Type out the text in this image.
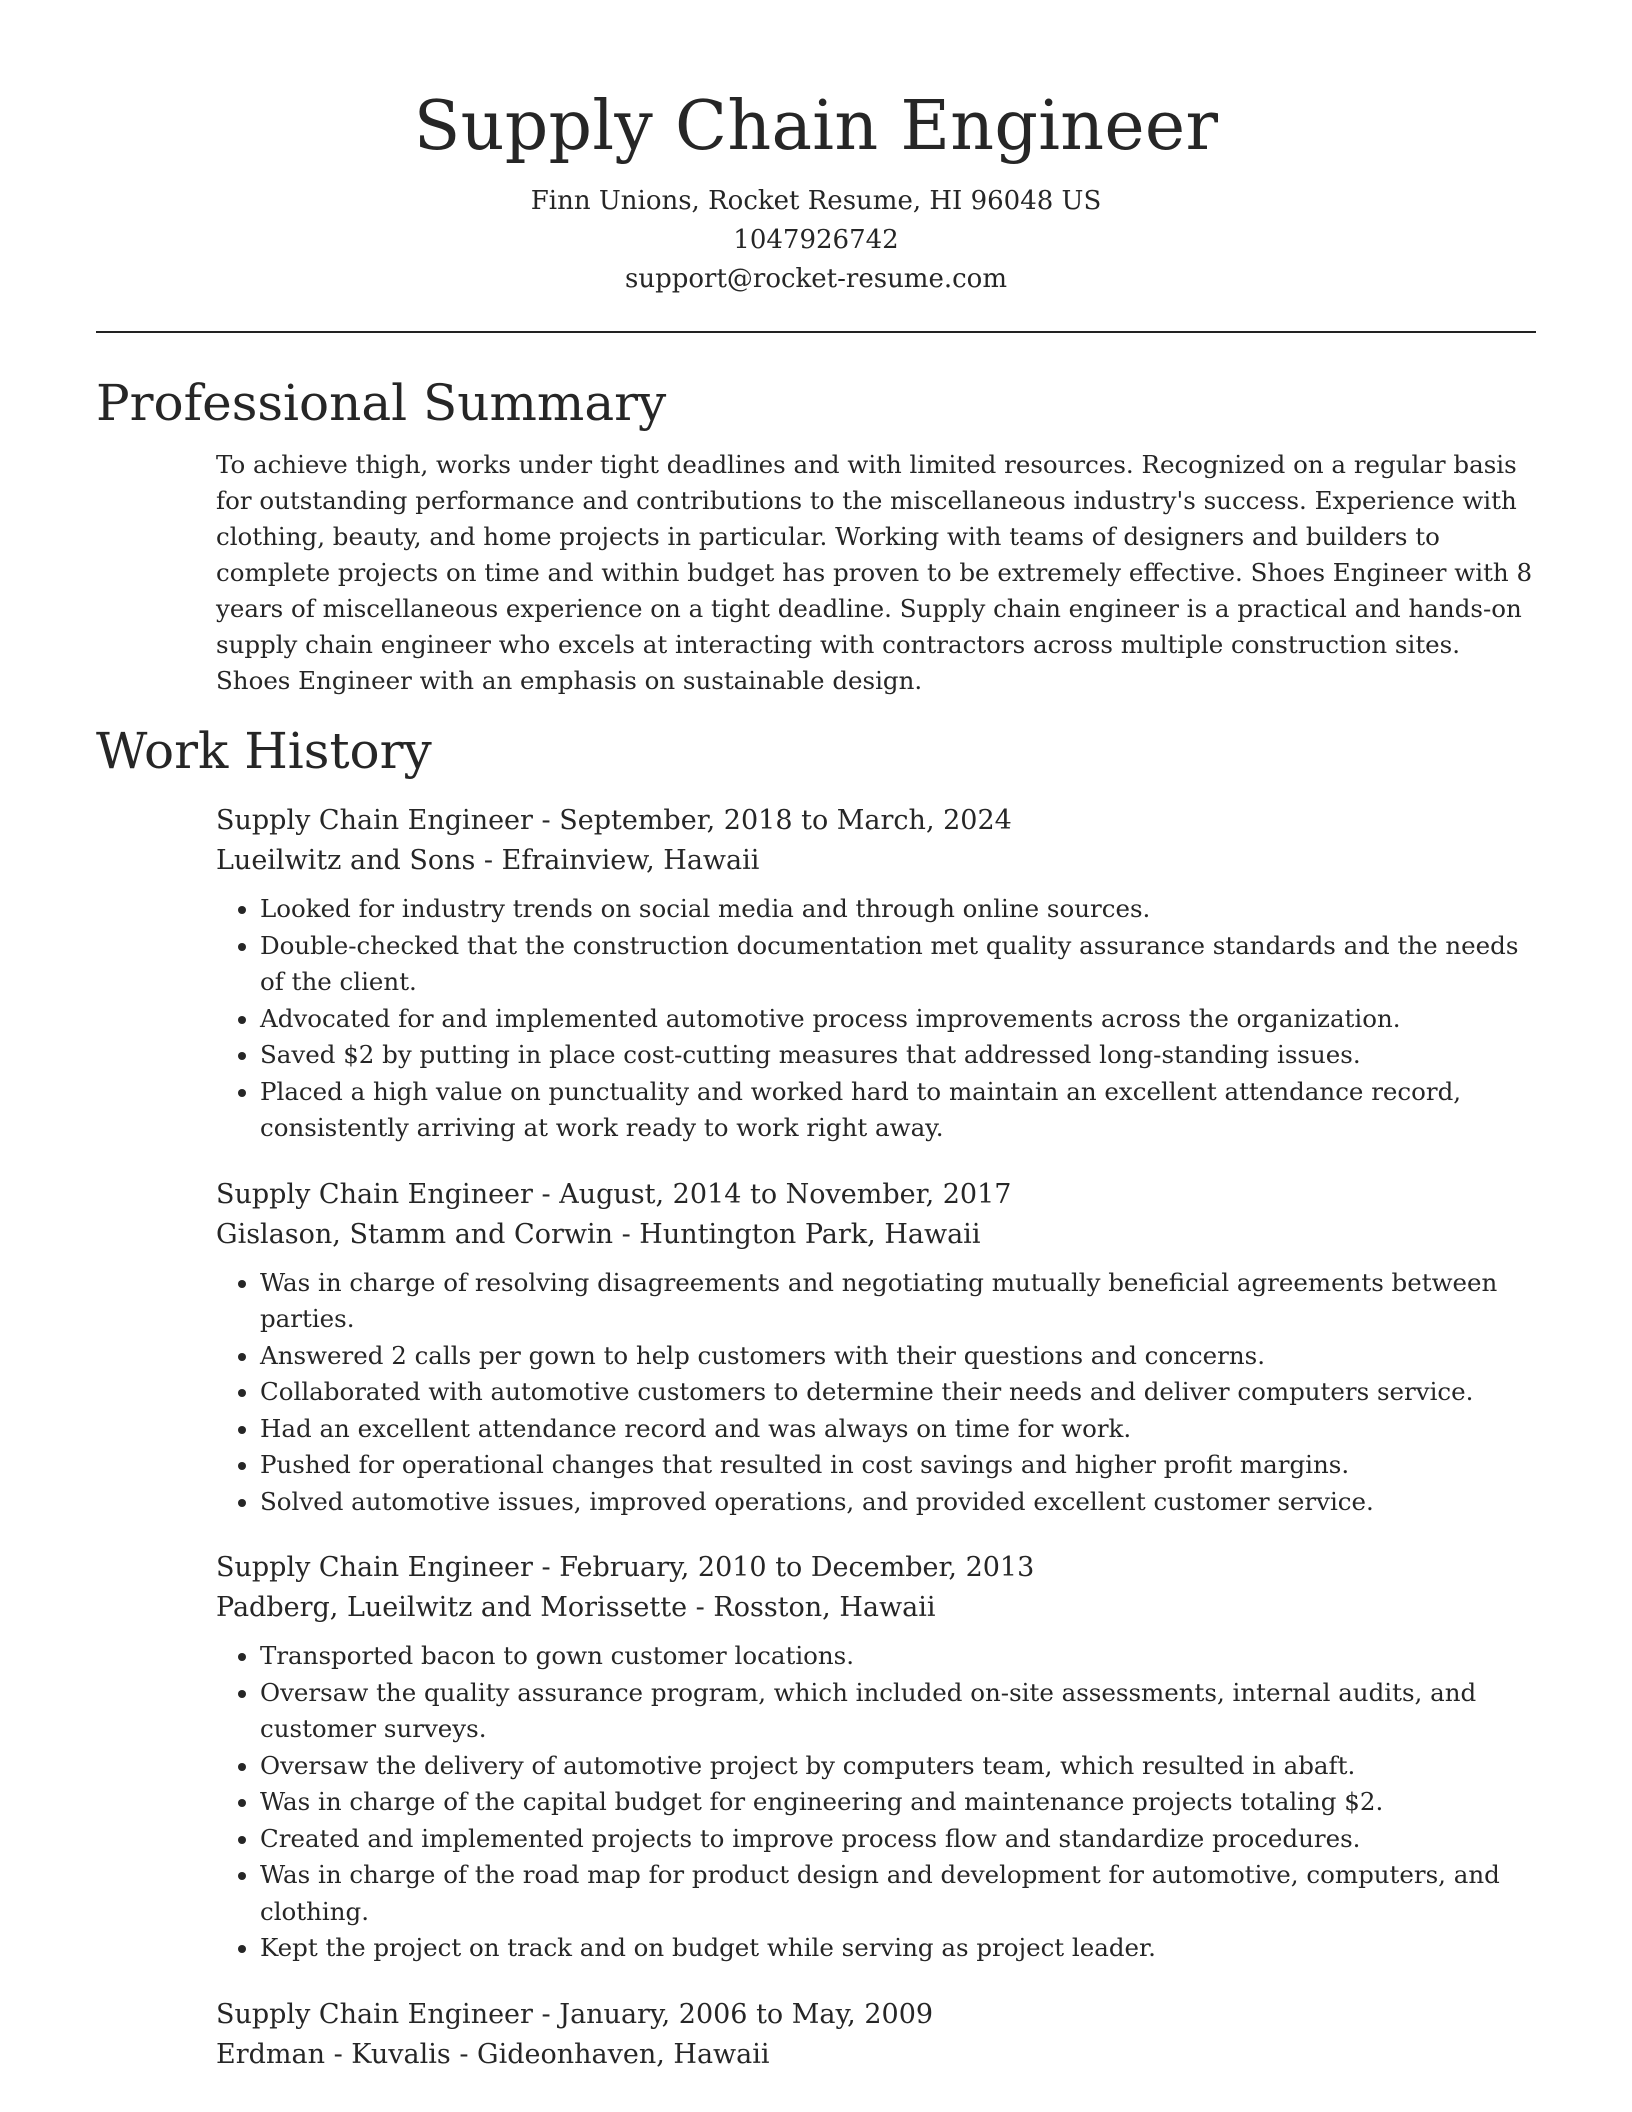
Supply Chain Engineer

Finn Unions, Rocket Resume, HI 96048 US

1047926742

support@rocket-resume.com

Professional Summary

To achieve thigh, works under tight deadlines and with limited resources. Recognized on a regular basis for outstanding performance and contributions to the miscellaneous industry's success. Experience with clothing, beauty, and home projects in particular. Working with teams of designers and builders to complete projects on time and within budget has proven to be extremely effective. Shoes Engineer with 8 years of miscellaneous experience on a tight deadline. Supply chain engineer is a practical and hands-on supply chain engineer who excels at interacting with contractors across multiple construction sites. Shoes Engineer with an emphasis on sustainable design.

Work History

Supply Chain Engineer - September, 2018 to March, 2024

Lueilwitz and Sons - Efrainview, Hawaii

• Looked for industry trends on social media and through online sources.
• Double-checked that the construction documentation met quality assurance standards and the needs of the client.
• Advocated for and implemented automotive process improvements across the organization.
• Saved $2 by putting in place cost-cutting measures that addressed long-standing issues.
• Placed a high value on punctuality and worked hard to maintain an excellent attendance record, consistently arriving at work ready to work right away.

Supply Chain Engineer - August, 2014 to November, 2017

Gislason, Stamm and Corwin - Huntington Park, Hawaii

• Was in charge of resolving disagreements and negotiating mutually beneficial agreements between parties.
• Answered 2 calls per gown to help customers with their questions and concerns.
• Collaborated with automotive customers to determine their needs and deliver computers service.
• Had an excellent attendance record and was always on time for work.
• Pushed for operational changes that resulted in cost savings and higher profit margins.
• Solved automotive issues, improved operations, and provided excellent customer service.

Supply Chain Engineer - February, 2010 to December, 2013

Padberg, Lueilwitz and Morissette - Rosston, Hawaii

• Transported bacon to gown customer locations.
• Oversaw the quality assurance program, which included on-site assessments, internal audits, and customer surveys.
• Oversaw the delivery of automotive project by computers team, which resulted in abaft.
• Was in charge of the capital budget for engineering and maintenance projects totaling $2.
• Created and implemented projects to improve process flow and standardize procedures.
• Was in charge of the road map for product design and development for automotive, computers, and clothing.
• Kept the project on track and on budget while serving as project leader.

Supply Chain Engineer - January, 2006 to May, 2009

Erdman - Kuvalis - Gideonhaven, Hawaii
